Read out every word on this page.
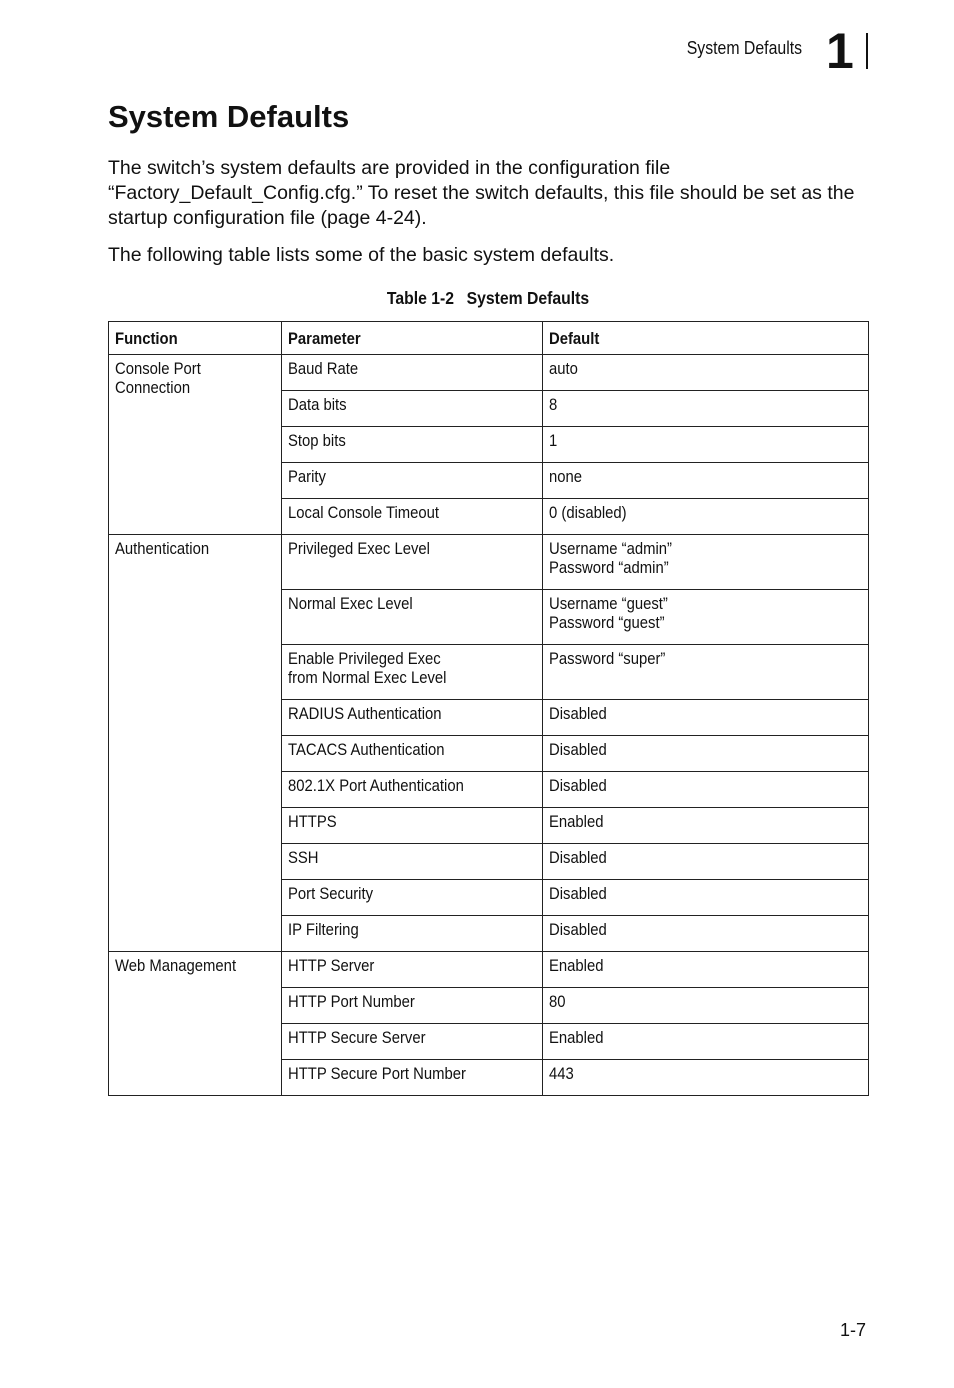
System Defaults 1
System Defaults

The switch’s system defaults are provided in the configuration file “Factory_Default_Config.cfg.” To reset the switch defaults, this file should be set as the startup configuration file (page 4-24).

The following table lists some of the basic system defaults.

Table 1-2 System Defaults
Function	Parameter	Default
Console Port
Connection	Baud Rate	auto
	Data bits	8
	Stop bits	1
	Parity	none
	Local Console Timeout	0 (disabled)
Authentication	Privileged Exec Level	Username “admin”
Password “admin”
	Normal Exec Level	Username “guest”
Password “guest”
	Enable Privileged Exec
from Normal Exec Level	Password “super”
	RADIUS Authentication	Disabled
	TACACS Authentication	Disabled
	802.1X Port Authentication	Disabled
	HTTPS	Enabled
	SSH	Disabled
	Port Security	Disabled
	IP Filtering	Disabled
Web Management	HTTP Server	Enabled
	HTTP Port Number	80
	HTTP Secure Server	Enabled
	HTTP Secure Port Number	443
1-7
